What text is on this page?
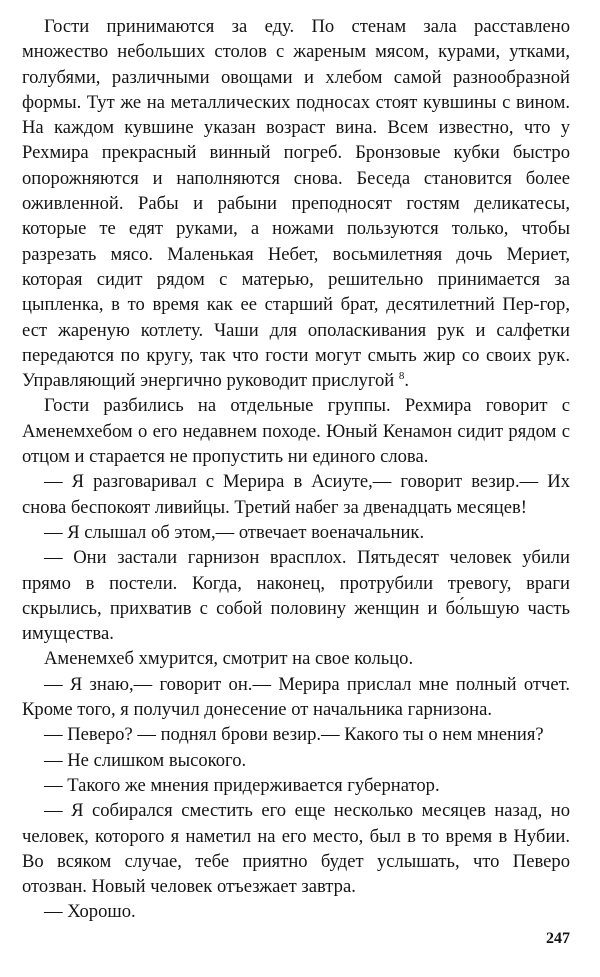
Гости принимаются за еду. По стенам зала расставлено множество небольших столов с жареным мясом, курами, утками, голубями, различными овощами и хлебом самой разнообразной формы. Тут же на металлических подносах стоят кувшины с вином. На каждом кувшине указан возраст вина. Всем известно, что у Рехмира прекрасный винный погреб. Бронзовые кубки быстро опорожняются и наполняются снова. Беседа становится более оживленной. Рабы и рабыни преподносят гостям деликатесы, которые те едят руками, а ножами пользуются только, чтобы разрезать мясо. Маленькая Небет, восьмилетняя дочь Мериет, которая сидит рядом с матерью, решительно принимается за цыпленка, в то время как ее старший брат, десятилетний Пер-гор, ест жареную котлету. Чаши для ополаскивания рук и салфетки передаются по кругу, так что гости могут смыть жир со своих рук. Управляющий энергично руководит прислугой $^8$.

Гости разбились на отдельные группы. Рехмира говорит с Аменемхебом о его недавнем походе. Юный Кенамон сидит рядом с отцом и старается не пропустить ни единого слова.

— Я разговаривал с Мерира в Асиуте,— говорит везир.— Их снова беспокоят ливийцы. Третий набег за двенадцать месяцев!

— Я слышал об этом,— отвечает военачальник.

— Они застали гарнизон врасплох. Пятьдесят человек убили прямо в постели. Когда, наконец, протрубили тревогу, враги скрылись, прихватив с собой половину женщин и бо́льшую часть имущества.

Аменемхеб хмурится, смотрит на свое кольцо.

— Я знаю,— говорит он.— Мерира прислал мне полный отчет. Кроме того, я получил донесение от начальника гарнизона.

— Певеро? — поднял брови везир.— Какого ты о нем мнения?

— Не слишком высокого.

— Такого же мнения придерживается губернатор.

— Я собирался сместить его еще несколько месяцев назад, но человек, которого я наметил на его место, был в то время в Нубии. Во всяком случае, тебе приятно будет услышать, что Певеро отозван. Новый человек отъезжает завтра.

— Хорошо.

247
